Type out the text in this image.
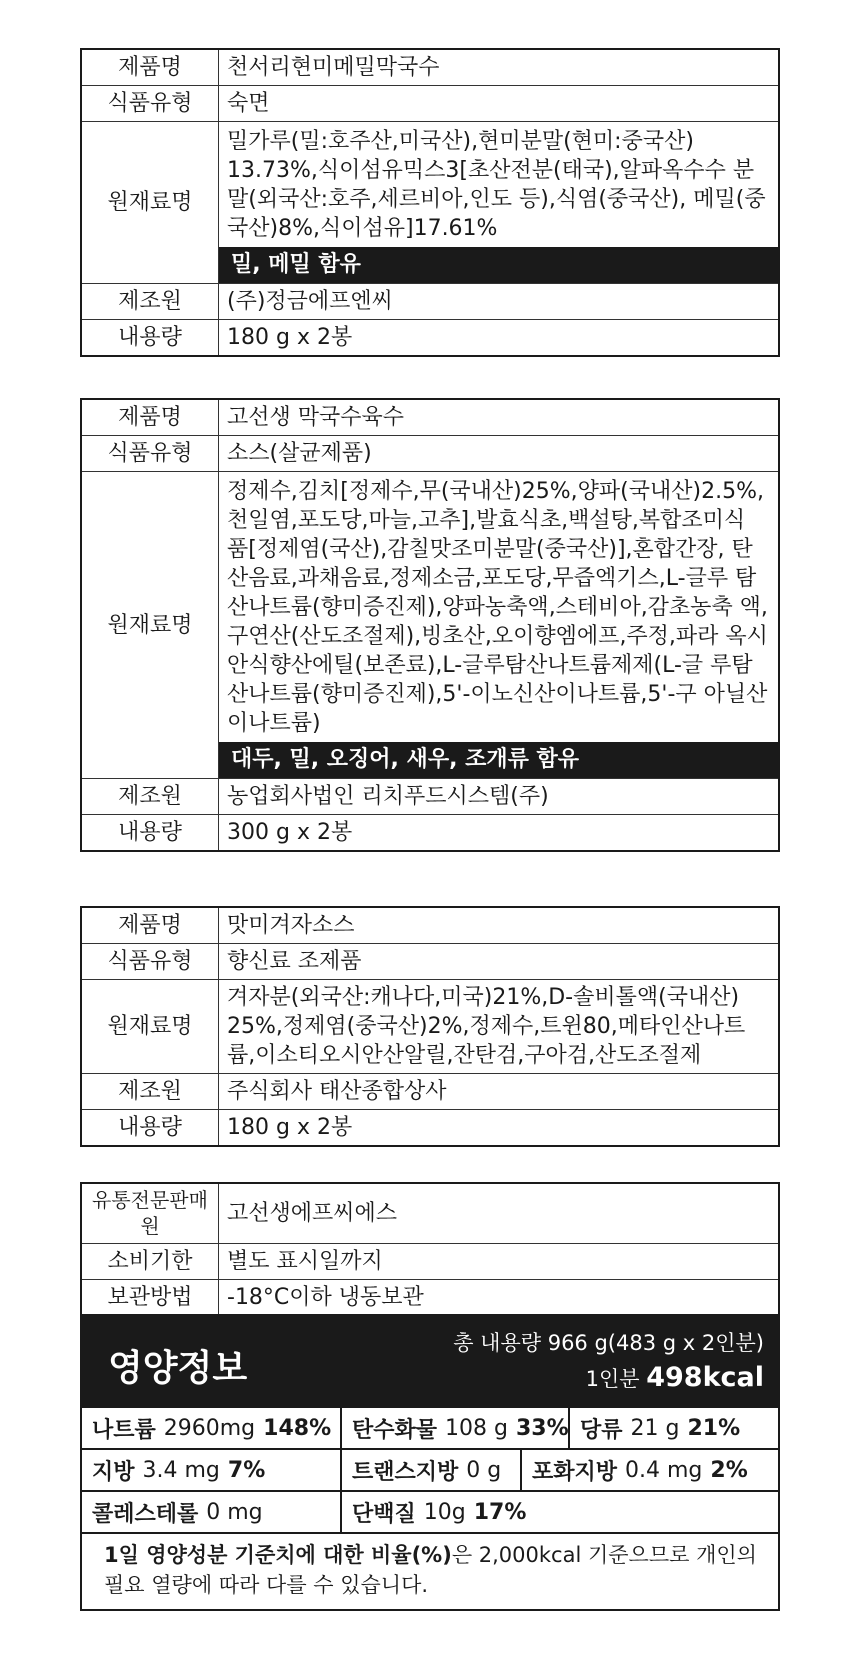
제품명	천서리현미메밀막국수
식품유형	숙면
원재료명	밀가루(밀:호주산,미국산),현미분말(현미:중국산) 13.73%,식이섬유믹스3[초산전분(태국),알파옥수수 분말(외국산:호주,세르비아,인도 등),식염(중국산), 메밀(중국산)8%,식이섬유]17.61%
밀, 메밀 함유

제조원	(주)정금에프엔씨
내용량	180 g x 2봉
제품명	고선생 막국수육수
식품유형	소스(살균제품)
원재료명	정제수,김치[정제수,무(국내산)25%,양파(국내산)2.5%, 천일염,포도당,마늘,고추],발효식초,백설탕,복합조미식 품[정제염(국산),감칠맛조미분말(중국산)],혼합간장, 탄산음료,과채음료,정제소금,포도당,무즙엑기스,L-글루 탐산나트륨(향미증진제),양파농축액,스테비아,감초농축 액,구연산(산도조절제),빙초산,오이향엠에프,주정,파라 옥시안식향산에틸(보존료),L-글루탐산나트륨제제(L-글 루탐산나트륨(향미증진제),5'-이노신산이나트륨,5'-구 아닐산이나트륨)
대두, 밀, 오징어, 새우, 조개류 함유

제조원	농업회사법인 리치푸드시스템(주)
내용량	300 g x 2봉
제품명	맛미겨자소스
식품유형	향신료 조제품
원재료명	겨자분(외국산:캐나다,미국)21%,D-솔비톨액(국내산) 25%,정제염(중국산)2%,정제수,트윈80,메타인산나트 륨,이소티오시안산알릴,잔탄검,구아검,산도조절제
제조원	주식회사 태산종합상사
내용량	180 g x 2봉
유통전문판매원	고선생에프씨에스
소비기한	별도 표시일까지
보관방법	-18°C이하 냉동보관
영양정보
총 내용량 966 g(483 g x 2인분)
1인분 498kcal
나트륨 2960mg 148% 탄수화물 108 g 33% 당류 21 g 21%
지방 3.4 mg 7%	트랜스지방 0 g 포화지방 0.4 mg 2%
콜레스테롤 0 mg	단백질 10g 17%
1일 영양성분 기준치에 대한 비율(%)은 2,000kcal 기준으므로 개인의 필요 열량에 따라 다를 수 있습니다.
